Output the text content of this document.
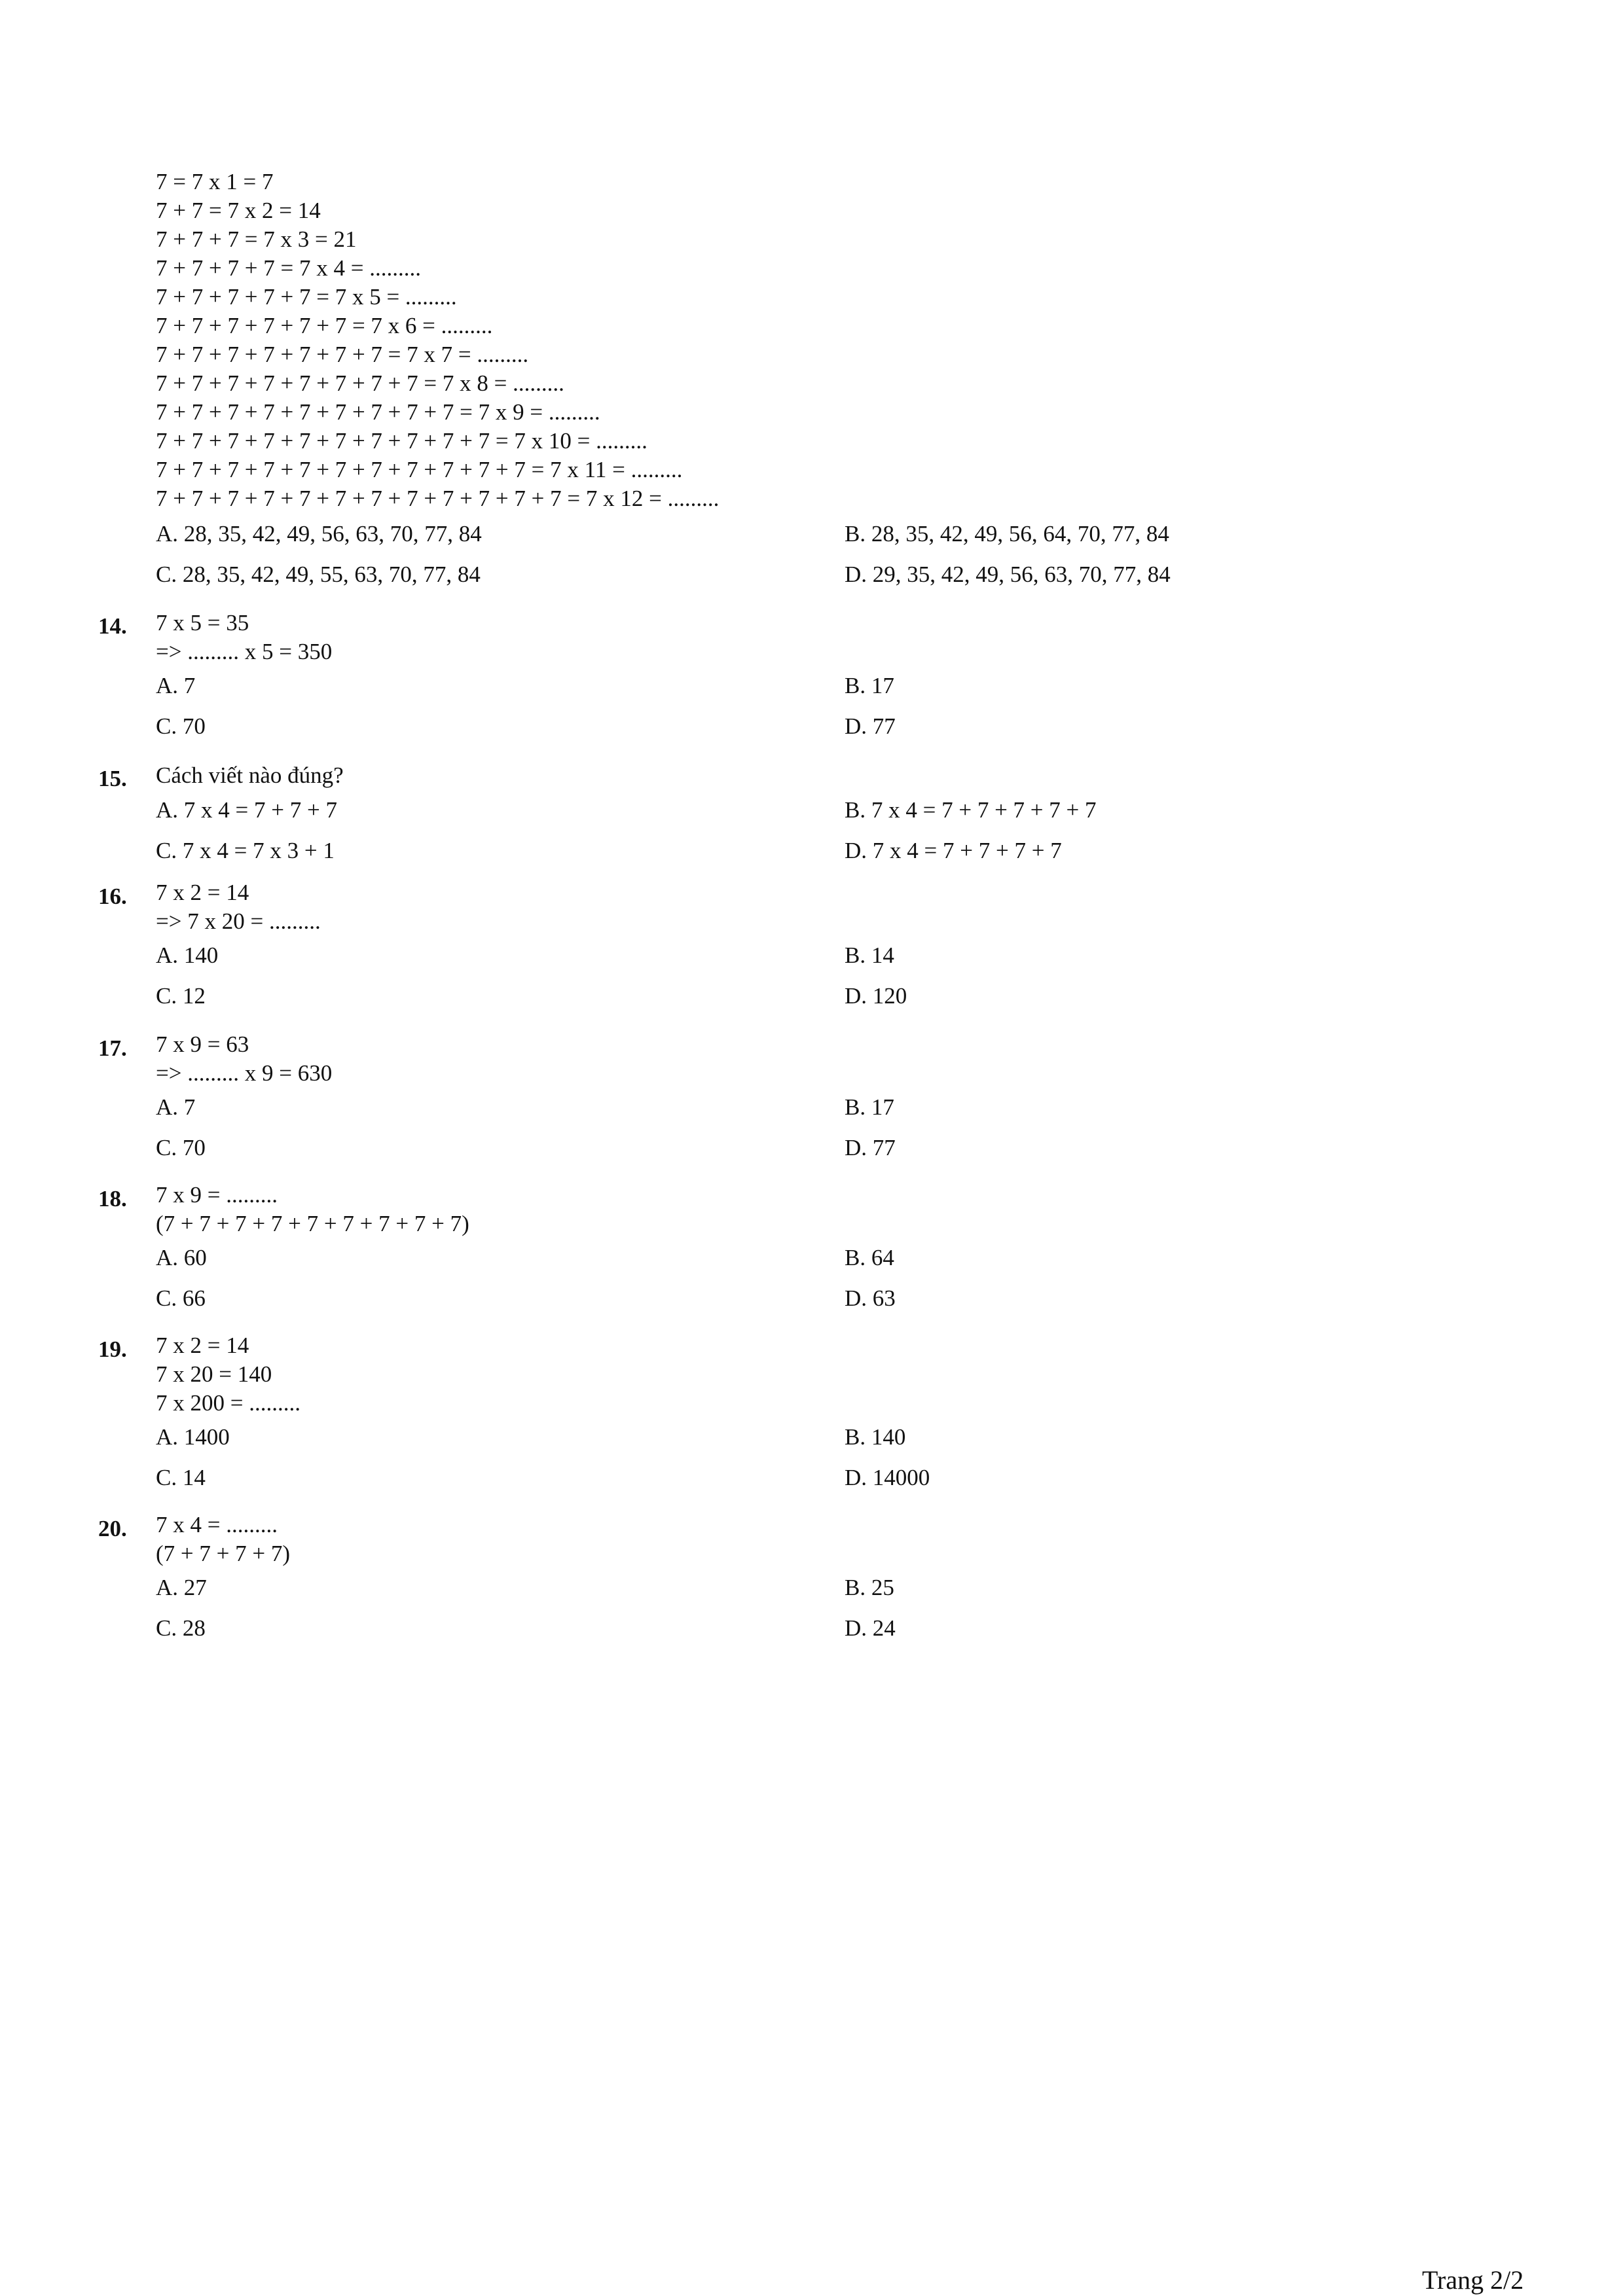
7 = 7 x 1 = 7
7 + 7 = 7 x 2 = 14
7 + 7 + 7 = 7 x 3 = 21
7 + 7 + 7 + 7 = 7 x 4 = .........
7 + 7 + 7 + 7 + 7 = 7 x 5 = .........
7 + 7 + 7 + 7 + 7 + 7 = 7 x 6 = .........
7 + 7 + 7 + 7 + 7 + 7 + 7 = 7 x 7 = .........
7 + 7 + 7 + 7 + 7 + 7 + 7 + 7 = 7 x 8 = .........
7 + 7 + 7 + 7 + 7 + 7 + 7 + 7 + 7 = 7 x 9 = .........
7 + 7 + 7 + 7 + 7 + 7 + 7 + 7 + 7 + 7 = 7 x 10 = .........
7 + 7 + 7 + 7 + 7 + 7 + 7 + 7 + 7 + 7 + 7 = 7 x 11 = .........
7 + 7 + 7 + 7 + 7 + 7 + 7 + 7 + 7 + 7 + 7 + 7 = 7 x 12 = .........
A. 28, 35, 42, 49, 56, 63, 70, 77, 84	B. 28, 35, 42, 49, 56, 64, 70, 77, 84
C. 28, 35, 42, 49, 55, 63, 70, 77, 84	D. 29, 35, 42, 49, 56, 63, 70, 77, 84
14. 7 x 5 = 35
=> ......... x 5 = 350
A. 7	B. 17
C. 70	D. 77
15. Cách viết nào đúng?
A. 7 x 4 = 7 + 7 + 7	B. 7 x 4 = 7 + 7 + 7 + 7 + 7
C. 7 x 4 = 7 x 3 + 1	D. 7 x 4 = 7 + 7 + 7 + 7
16. 7 x 2 = 14
=> 7 x 20 = .........
A. 140	B. 14
C. 12	D. 120
17. 7 x 9 = 63
=> ......... x 9 = 630
A. 7	B. 17
C. 70	D. 77
18. 7 x 9 = .........
(7 + 7 + 7 + 7 + 7 + 7 + 7 + 7 + 7)
A. 60	B. 64
C. 66	D. 63
19. 7 x 2 = 14
7 x 20 = 140
7 x 200 = .........
A. 1400	B. 140
C. 14	D. 14000
20. 7 x 4 = .........
(7 + 7 + 7 + 7)
A. 27	B. 25
C. 28	D. 24
Trang 2/2
